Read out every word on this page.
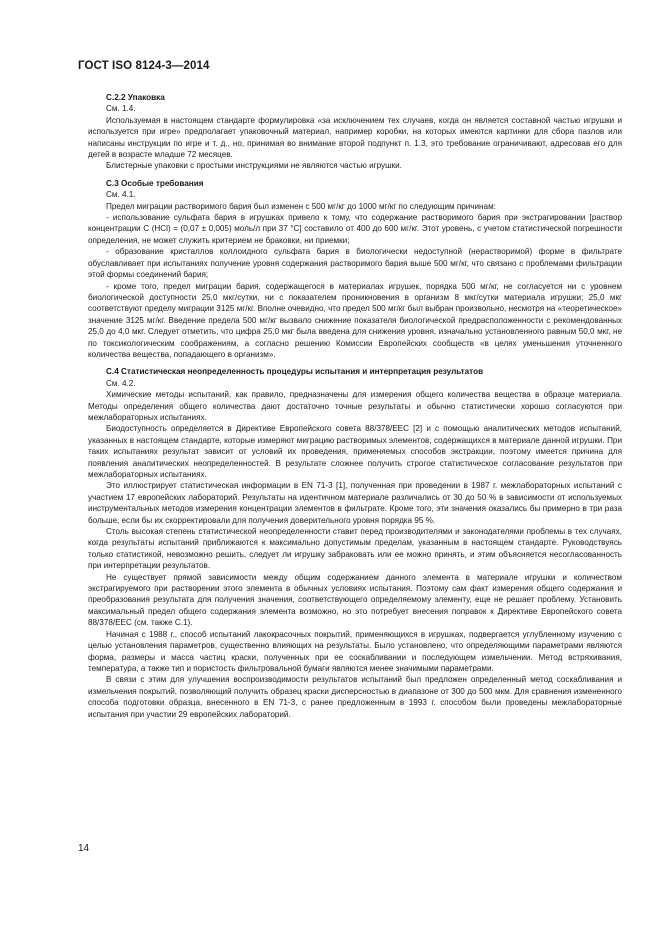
ГОСТ ISO 8124-3—2014
С.2.2 Упаковка

См. 1.4.

Используемая в настоящем стандарте формулировка «за исключением тех случаев, когда он является составной частью игрушки и используется при игре» предполагает упаковочный материал, например коробки, на которых имеются картинки для сбора пазлов или написаны инструкции по игре и т. д., но, принимая во внимание второй подпункт п. 1.3, это требование ограничивают, адресовав его для детей в возрасте младше 72 месяцев.

Блистерные упаковки с простыми инструкциями не являются частью игрушки.

С.3 Особые требования

См. 4.1.

Предел миграции растворимого бария был изменен с 500 мг/кг до 1000 мг/кг по следующим причинам:

- использование сульфата бария в игрушках привело к тому, что содержание растворимого бария при экстрагировании [раствор концентрации С (HCl) = (0,07 ± 0,005) моль/л при 37 °С] составило от 400 до 600 мг/кг. Этот уровень, с учетом статистической погрешности определения, не может служить критерием не браковки, ни приемки;

- образование кристаллов коллоидного сульфата бария в биологически недоступной (нерастворимой) форме в фильтрате обуславливает при испытаниях получение уровня содержания растворимого бария выше 500 мг/кг, что связано с проблемами фильтрации этой формы соединений бария;

- кроме того, предел миграции бария, содержащегося в материалах игрушек, порядка 500 мг/кг, не согласуется ни с уровнем биологической доступности 25,0 мкг/сутки, ни с показателем проникновения в организм 8 мкг/сутки материала игрушки; 25,0 мкг соответствуют пределу миграции 3125 мг/кг. Вполне очевидно, что предел 500 мг/кг был выбран произвольно, несмотря на «теоретическое» значение 3125 мг/кг. Введение предела 500 мг/кг вызвало снижение показателя биологической предрасположенности с рекомендованных 25,0 до 4,0 мкг. Следует отметить, что цифра 25,0 мкг была введена для снижения уровня, изначально установленного равным 50,0 мкг, не по токсикологическим соображениям, а согласно решению Комиссии Европейских сообществ «в целях уменьшения уточненного количества вещества, попадающего в организм».

С.4 Статистическая неопределенность процедуры испытания и интерпретация результатов

См. 4.2.

Химические методы испытаний, как правило, предназначены для измерения общего количества вещества в образце материала. Методы определения общего количества дают достаточно точные результаты и обычно статистически хорошо согласуются при межлабораторных испытаниях.

Биодоступность определяется в Директиве Европейского совета 88/378/ЕЕС [2] и с помощью аналитических методов испытаний, указанных в настоящем стандарте, которые измеряют миграцию растворимых элементов, содержащихся в материале данной игрушки. При таких испытаниях результат зависит от условий их проведения, применяемых способов экстракции, поэтому имеется причина для появления аналитических неопределенностей. В результате сложнее получить строгое статистическое согласование результатов при межлабораторных испытаниях.

Это иллюстрирует статистическая информации в EN 71-3 [1], полученная при проведении в 1987 г. межлабораторных испытаний с участием 17 европейских лабораторий. Результаты на идентичном материале различались от 30 до 50 % в зависимости от используемых инструментальных методов измерения концентрации элементов в фильтрате. Кроме того, эти значения оказались бы примерно в три раза больше, если бы их скорректировали для получения доверительного уровня порядка 95 %.

Столь высокая степень статистической неопределенности ставит перед производителями и законодателями проблемы в тех случаях, когда результаты испытаний приближаются к максимально допустимым пределам, указанным в настоящем стандарте. Руководствуясь только статистикой, невозможно решить, следует ли игрушку забраковать или ее можно принять, и этим объясняется несогласованность при интерпретации результатов.

Не существует прямой зависимости между общим содержанием данного элемента в материале игрушки и количеством экстрагируемого при растворении этого элемента в обычных условиях испытания. Поэтому сам факт измерения общего содержания и преобразования результата для получения значения, соответствующего определяемому элементу, еще не решает проблему. Установить максимальный предел общего содержания элемента возможно, но это потребует внесения поправок к Директиве Европейского совета 88/378/ЕЕС (см. также С.1).

Начиная с 1988 г., способ испытаний лакокрасочных покрытий, применяющихся в игрушках, подвергается углубленному изучению с целью установления параметров, существенно влияющих на результаты. Было установлено, что определяющими параметрами являются форма, размеры и масса частиц краски, полученных при ее соскабливании и последующем измельчении. Метод встряхивания, температура, а также тип и пористость фильтровальной бумаги являются менее значимыми параметрами.

В связи с этим для улучшения воспроизводимости результатов испытаний был предложен определенный метод соскабливания и измельчения покрытий, позволяющий получить образец краски дисперсностью в диапазоне от 300 до 500 мкм. Для сравнения измененного способа подготовки образца, внесенного в EN 71-3, с ранее предложенным в 1993 г. способом были проведены межлабораторные испытания при участии 29 европейских лабораторий.

14
